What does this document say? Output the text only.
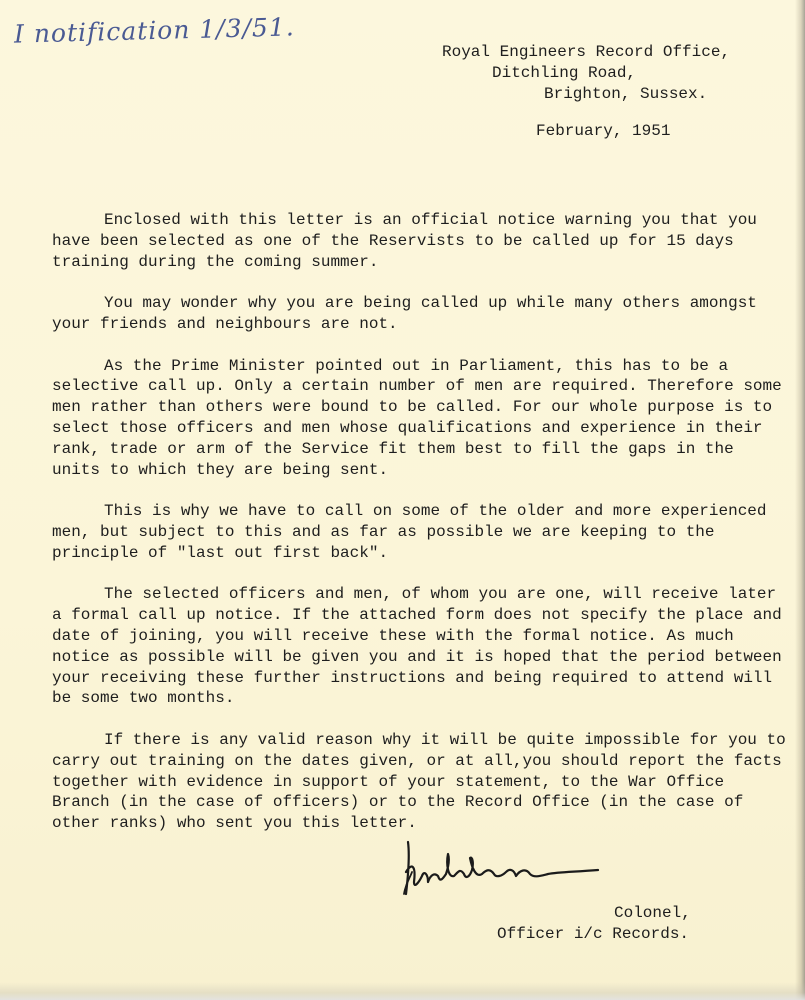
I notification 1/3/51.
Royal Engineers Record Office,
Ditchling Road,
Brighton, Sussex.
February, 1951

Enclosed with this letter is an official notice warning you that you have been selected as one of the Reservists to be called up for 15 days training during the coming summer.

You may wonder why you are being called up while many others amongst your friends and neighbours are not.

As the Prime Minister pointed out in Parliament, this has to be a selective call up. Only a certain number of men are required. Therefore some men rather than others were bound to be called. For our whole purpose is to select those officers and men whose qualifications and experience in their rank, trade or arm of the Service fit them best to fill the gaps in the units to which they are being sent.

This is why we have to call on some of the older and more experienced men, but subject to this and as far as possible we are keeping to the principle of "last out first back".

The selected officers and men, of whom you are one, will receive later a formal call up notice. If the attached form does not specify the place and date of joining, you will receive these with the formal notice. As much notice as possible will be given you and it is hoped that the period between your receiving these further instructions and being required to attend will be some two months.

If there is any valid reason why it will be quite impossible for you to carry out training on the dates given, or at all,you should report the facts together with evidence in support of your statement, to the War Office Branch (in the case of officers) or to the Record Office (in the case of other ranks) who sent you this letter.

Colonel,
Officer i/c Records.
